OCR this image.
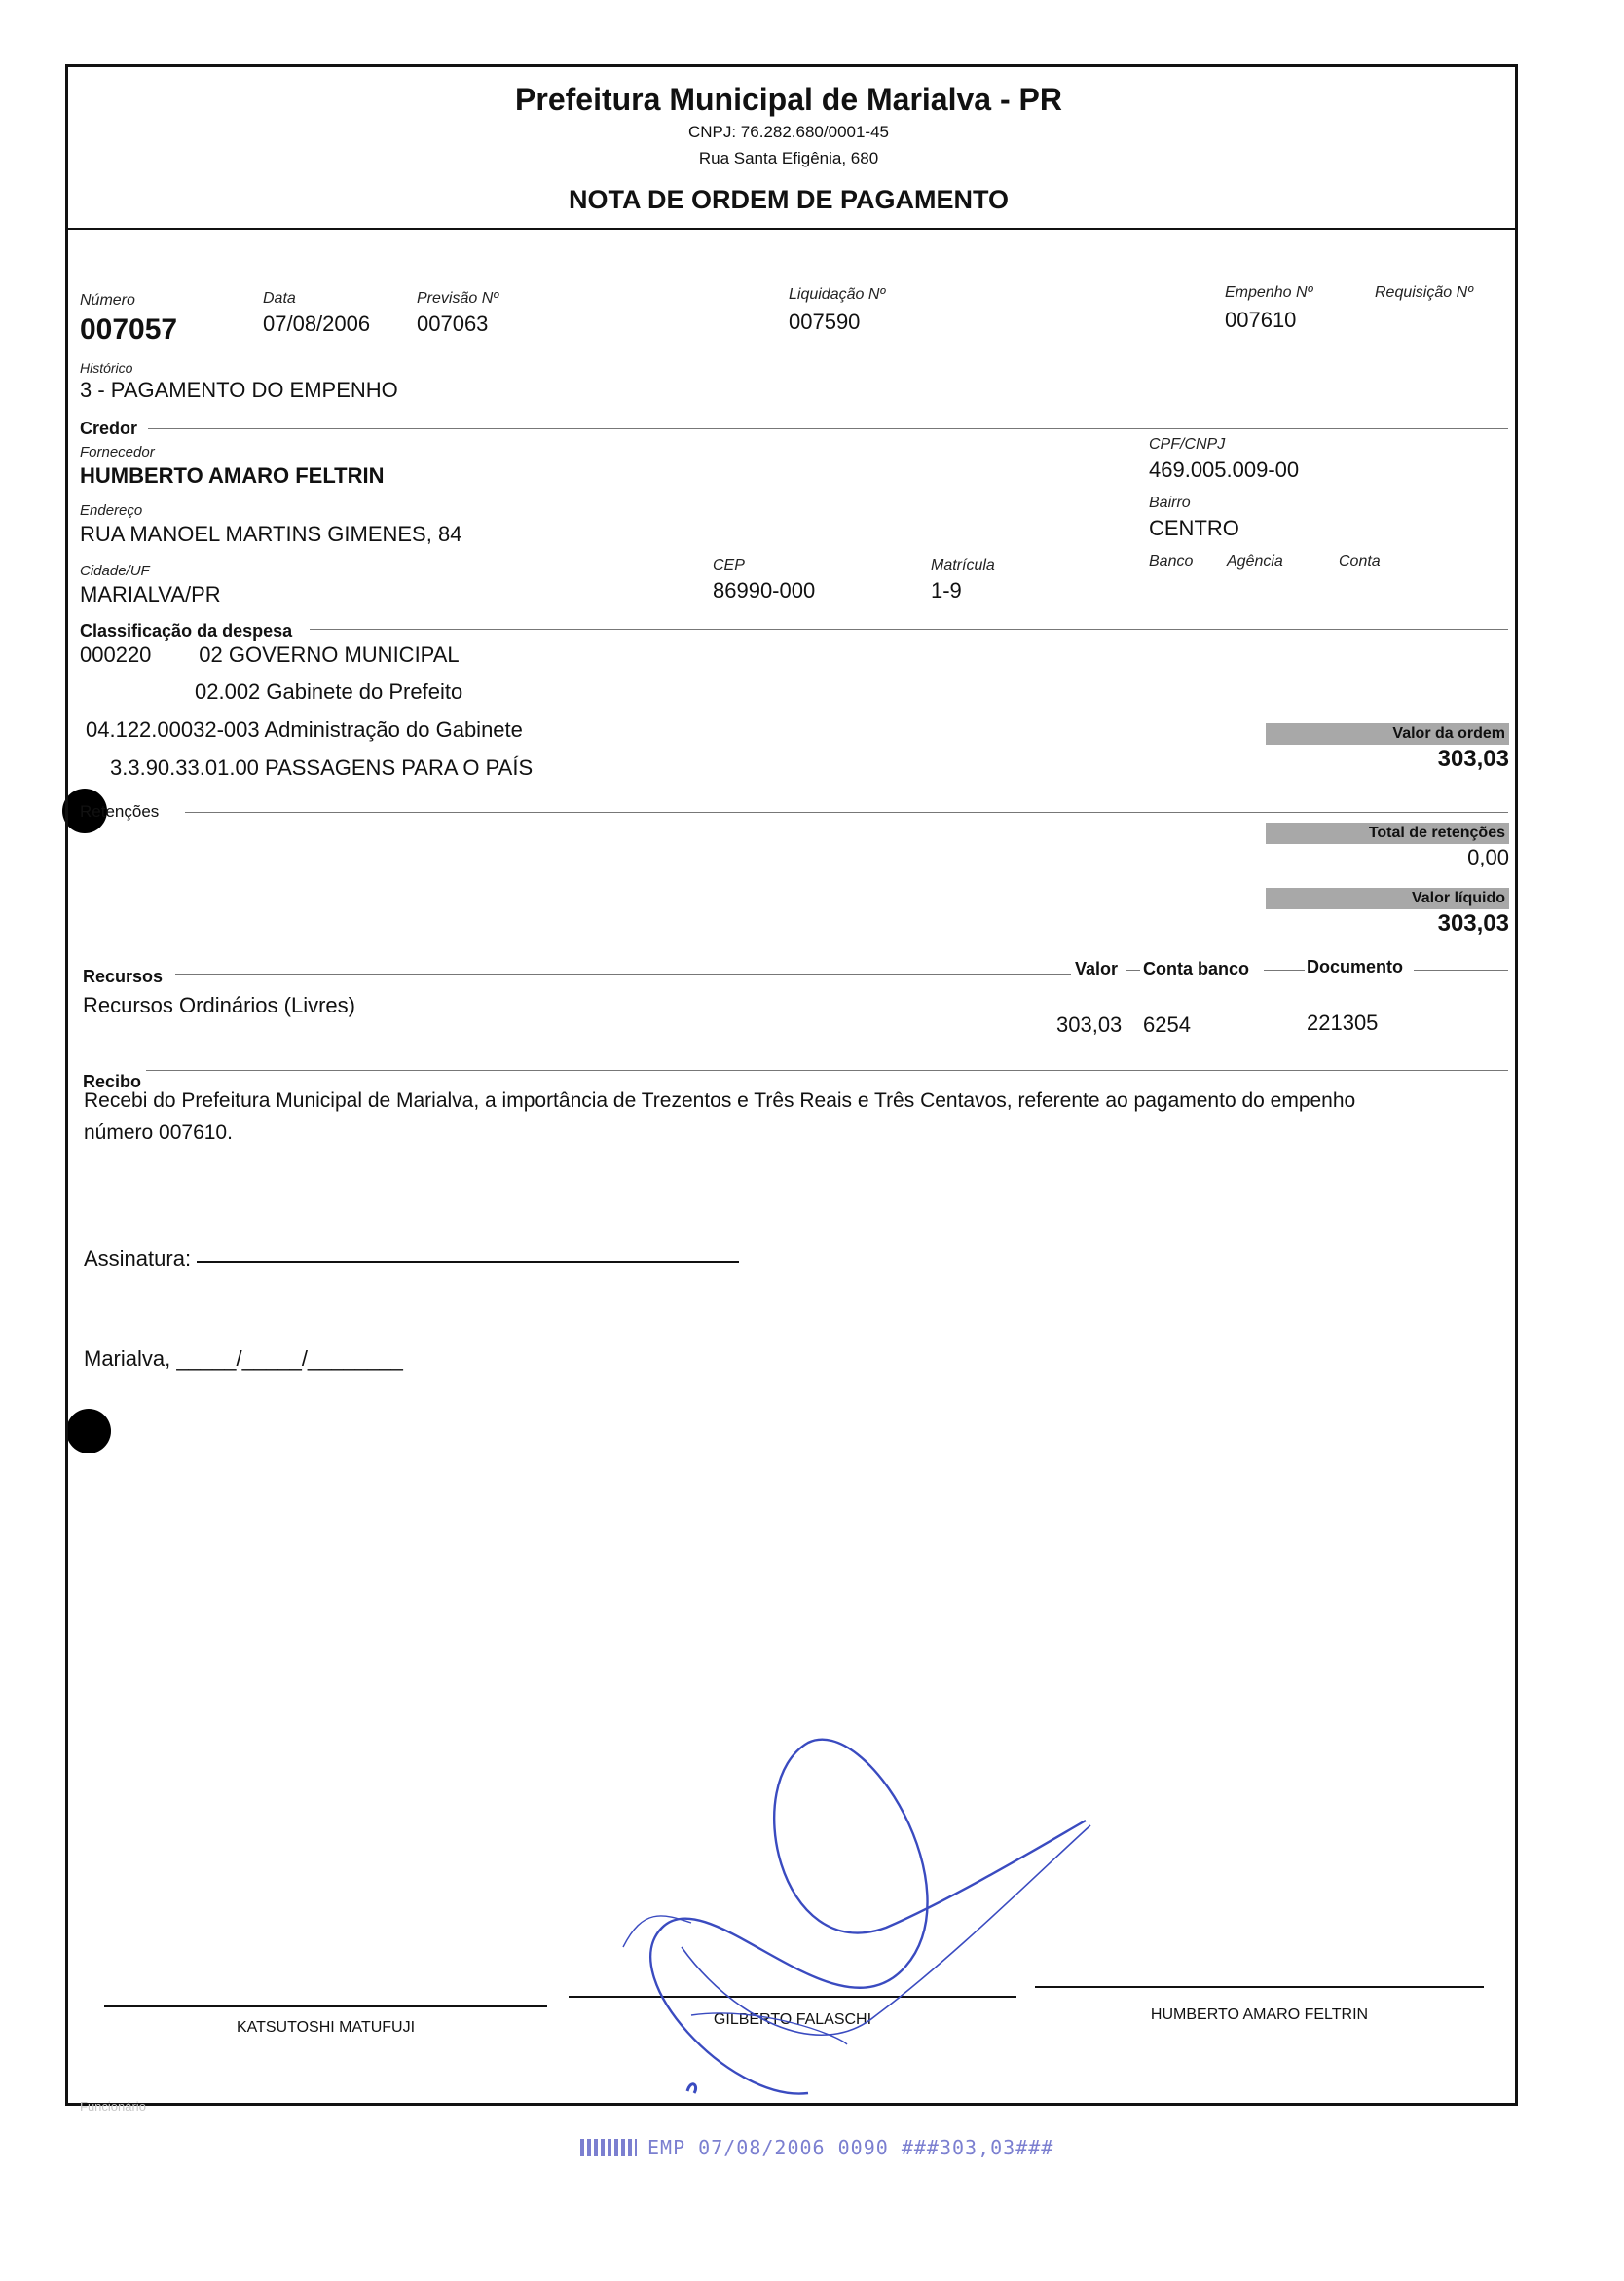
Prefeitura Municipal de Marialva - PR
CNPJ: 76.282.680/0001-45
Rua Santa Efigênia, 680
NOTA DE ORDEM DE PAGAMENTO
Número
007057
Data
07/08/2006
Previsão Nº
007063
Liquidação Nº
007590
Empenho Nº
007610
Requisição Nº
Histórico
3 - PAGAMENTO DO EMPENHO
Credor
Fornecedor
HUMBERTO AMARO FELTRIN
CPF/CNPJ
469.005.009-00
Endereço
RUA MANOEL MARTINS GIMENES, 84
Bairro
CENTRO
Cidade/UF
MARIALVA/PR
CEP
86990-000
Matrícula
1-9
Banco Agência	Conta
Classificação da despesa
000220        02 GOVERNO MUNICIPAL
02.002 Gabinete do Prefeito
04.122.00032-003 Administração do Gabinete
3.3.90.33.01.00 PASSAGENS PARA O PAÍS
Valor da ordem
303,03
Retenções
Total de retenções
0,00
Valor líquido
303,03
Recursos	Valor Conta banco	Documento
Recursos Ordinários (Livres)
303,03 6254	221305
Recibo
Recebi do Prefeitura Municipal de Marialva, a importância de Trezentos e Três Reais e Três Centavos, referente ao pagamento do empenho
número 007610.
Assinatura:
Marialva, _____/_____/________
KATSUTOSHI MATUFUJI	GILBERTO FALASCHI	HUMBERTO AMARO FELTRIN
Funcionário
EMP 07/08/2006 0090 ###303,03###
